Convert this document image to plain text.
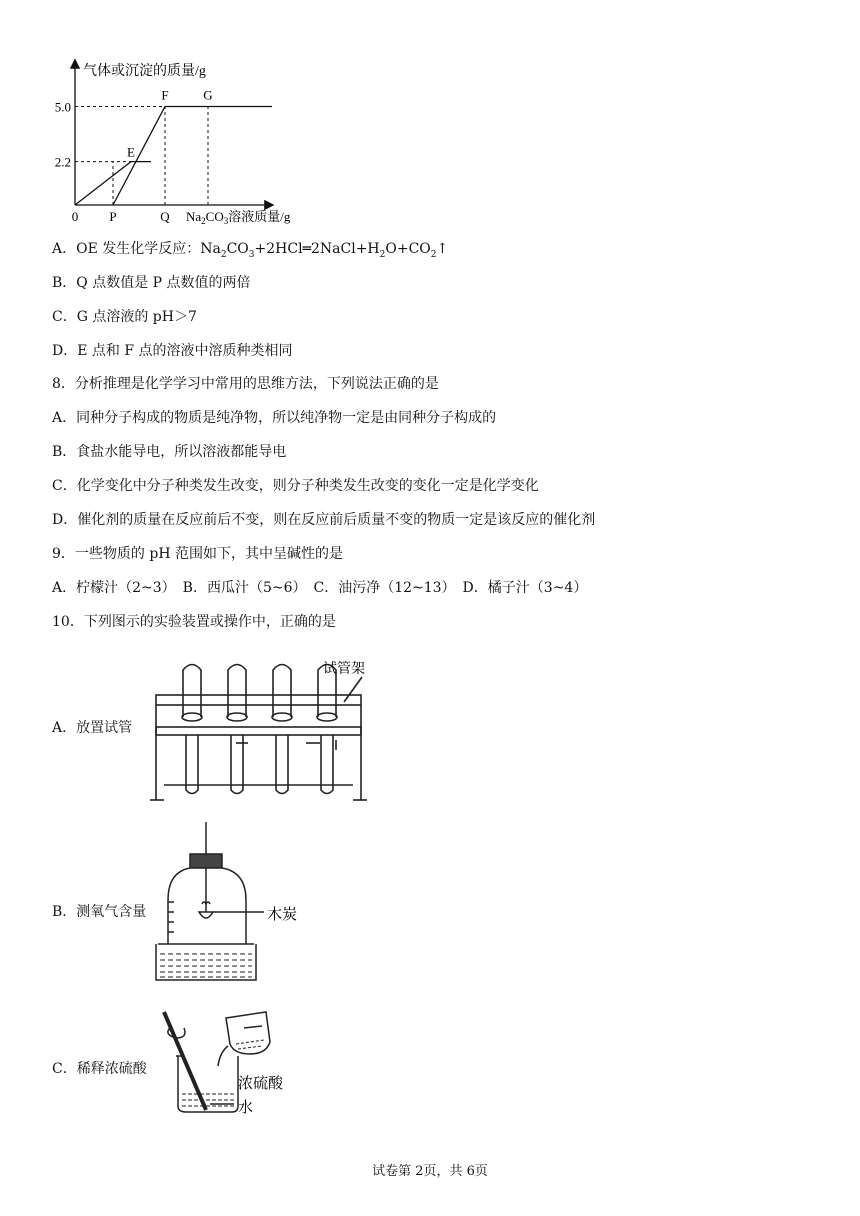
2.2
5.0
0 P	Q
E
F	G
气体或沉淀的质量/g
$Na_2CO_3$溶液质量/g
A．OE 发生化学反应：$Na_2CO_3+2HCl═2NaCl+H_2O+CO_2↑$
B．Q 点数值是 P 点数值的两倍
C．G 点溶液的 pH＞7
D．E 点和 F 点的溶液中溶质种类相同
8．分析推理是化学学习中常用的思维方法，下列说法正确的是
A．同种分子构成的物质是纯净物，所以纯净物一定是由同种分子构成的
B．食盐水能导电，所以溶液都能导电
C．化学变化中分子种类发生改变，则分子种类发生改变的变化一定是化学变化
D．催化剂的质量在反应前后不变，则在反应前后质量不变的物质一定是该反应的催化剂
9．一些物质的 pH 范围如下，其中呈碱性的是
A．柠檬汁（2~3）　B．西瓜汁（5~6）　C．油污净（12~13）　D．橘子汁（3~4）
10．下列图示的实验装置或操作中，正确的是
A．放置试管
试管架
B．测氧气含量	木炭
C．稀释浓硫酸
浓硫酸
水
试卷第 2页，共 6页
